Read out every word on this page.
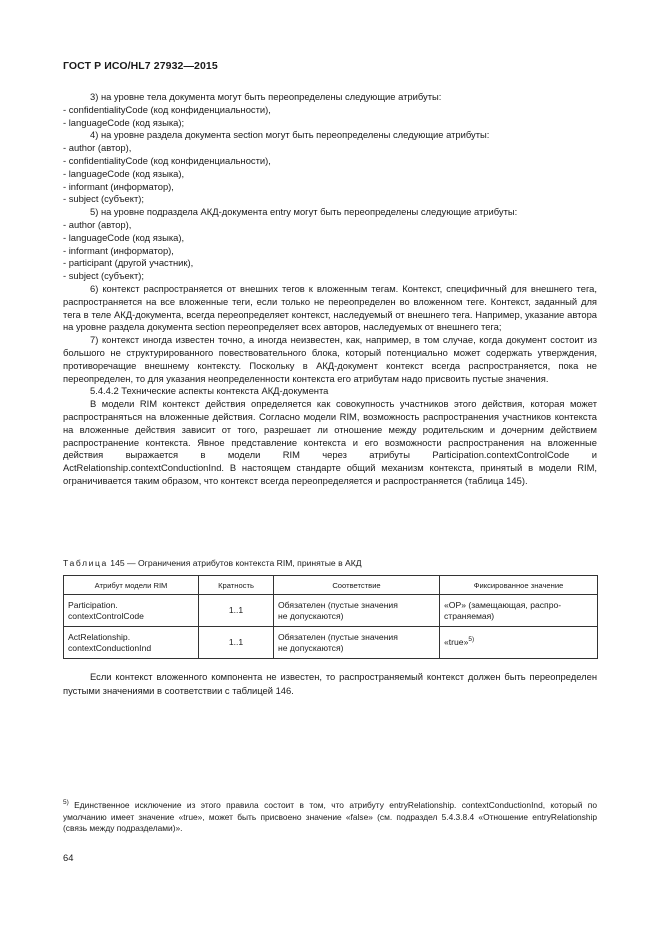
ГОСТ Р ИСО/HL7 27932—2015

3) на уровне тела документа могут быть переопределены следующие атрибуты:

- confidentialityCode (код конфиденциальности),

- languageCode (код языка);

4) на уровне раздела документа section могут быть переопределены следующие атрибуты:

- author (автор),

- confidentialityCode (код конфиденциальности),

- languageCode (код языка),

- informant (информатор),

- subject (субъект);

5) на уровне подраздела АКД-документа entry могут быть переопределены следующие атрибуты:

- author (автор),

- languageCode (код языка),

- informant (информатор),

- participant (другой участник),

- subject (субъект);

6) контекст распространяется от внешних тегов к вложенным тегам. Контекст, специфичный для внешнего тега, распространяется на все вложенные теги, если только не переопределен во вложенном теге. Контекст, заданный для тега в теле АКД-документа, всегда переопределяет контекст, наследуемый от внешнего тега. Например, указание автора на уровне раздела документа section переопределяет всех авторов, наследуемых от внешнего тега;

7) контекст иногда известен точно, а иногда неизвестен, как, например, в том случае, когда документ состоит из большого не структурированного повествовательного блока, который потенциально может содержать утверждения, противоречащие внешнему контексту. Поскольку в АКД-документ контекст всегда распространяется, пока не переопределен, то для указания неопределенности контекста его атрибутам надо присвоить пустые значения.

5.4.4.2 Технические аспекты контекста АКД-документа

В модели RIM контекст действия определяется как совокупность участников этого действия, которая может распространяться на вложенные действия. Согласно модели RIM, возможность распространения участников контекста на вложенные действия зависит от того, разрешает ли отношение между родительским и дочерним действием распространение контекста. Явное представление контекста и его возможности распространения на вложенные действия выражается в модели RIM через атрибуты Participation.contextControlCode и ActRelationship.contextConductionInd. В настоящем стандарте общий механизм контекста, принятый в модели RIM, ограничивается таким образом, что контекст всегда переопределяется и распространяется (таблица 145).

Таблица 145 — Ограничения атрибутов контекста RIM, принятые в АКД
Атрибут модели RIM	Кратность	Соответствие	Фиксированное значение
Participation.
contextControlCode	1..1	Обязателен (пустые значения
не допускаются)	«OP» (замещающая, распро-
страняемая)
ActRelationship.
contextConductionInd	1..1	Обязателен (пустые значения
не допускаются)	«true»$^{5)}$

Если контекст вложенного компонента не известен, то распространяемый контекст должен быть переопределен пустыми значениями в соответствии с таблицей 146.

$^{5)}$ Единственное исключение из этого правила состоит в том, что атрибуту entryRelationship. contextConductionInd, который по умолчанию имеет значение «true», может быть присвоено значение «false» (см. подраздел 5.4.3.8.4 «Отношение entryRelationship (связь между подразделами)».
64
